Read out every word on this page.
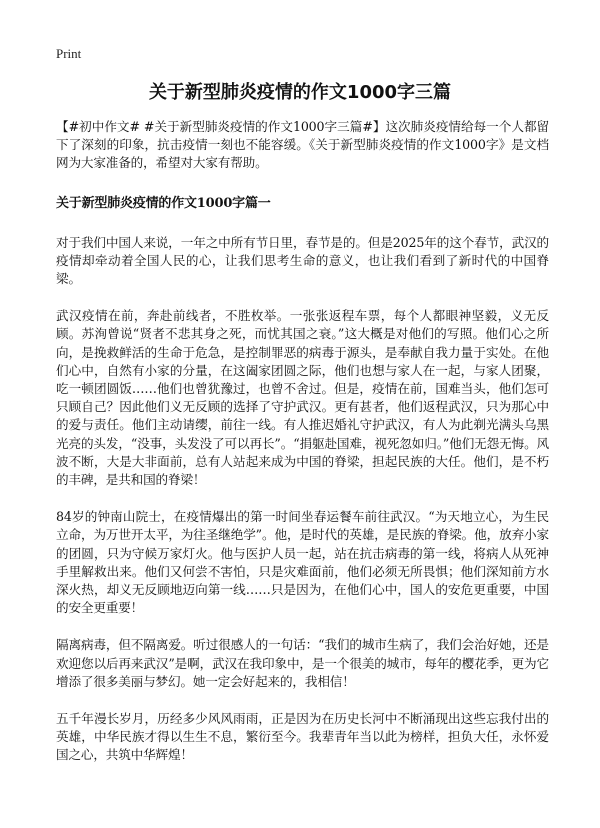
Print
关于新型肺炎疫情的作文1000字三篇

【#初中作文# #关于新型肺炎疫情的作文1000字三篇#】这次肺炎疫情给每一个人都留下了深刻的印象，抗击疫情一刻也不能容缓。《关于新型肺炎疫情的作文1000字》是文档网为大家准备的，希望对大家有帮助。

关于新型肺炎疫情的作文1000字篇一

对于我们中国人来说，一年之中所有节日里，春节是的。但是2025年的这个春节，武汉的疫情却牵动着全国人民的心，让我们思考生命的意义，也让我们看到了新时代的中国脊梁。

武汉疫情在前，奔赴前线者，不胜枚举。一张张返程车票，每个人都眼神坚毅，义无反顾。苏洵曾说“贤者不悲其身之死，而忧其国之衰。”这大概是对他们的写照。他们心之所向，是挽救鲜活的生命于危急，是控制罪恶的病毒于源头，是奉献自我力量于实处。在他们心中，自然有小家的分量，在这阖家团圆之际，他们也想与家人在一起，与家人团聚，吃一顿团圆饭……他们也曾犹豫过，也曾不舍过。但是，疫情在前，国难当头，他们怎可只顾自己？因此他们义无反顾的选择了守护武汉。更有甚者，他们返程武汉，只为那心中的爱与责任。他们主动请缨，前往一线。有人推迟婚礼守护武汉，有人为此剃光满头乌黑光亮的头发，“没事，头发没了可以再长”。“捐躯赴国难，视死忽如归。”他们无怨无悔。风波不断，大是大非面前，总有人站起来成为中国的脊梁，担起民族的大任。他们，是不朽的丰碑，是共和国的脊梁！

84岁的钟南山院士，在疫情爆出的第一时间坐春运餐车前往武汉。“为天地立心，为生民立命，为万世开太平，为往圣继绝学”。他，是时代的英雄，是民族的脊梁。他，放弃小家的团圆，只为守候万家灯火。他与医护人员一起，站在抗击病毒的第一线，将病人从死神手里解救出来。他们又何尝不害怕，只是灾难面前，他们必须无所畏惧；他们深知前方水深火热，却义无反顾地迈向第一线……只是因为，在他们心中，国人的安危更重要，中国的安全更重要！

隔离病毒，但不隔离爱。听过很感人的一句话：“我们的城市生病了，我们会治好她，还是欢迎您以后再来武汉”是啊，武汉在我印象中，是一个很美的城市，每年的樱花季，更为它增添了很多美丽与梦幻。她一定会好起来的，我相信！

五千年漫长岁月，历经多少风风雨雨，正是因为在历史长河中不断涌现出这些忘我付出的英雄，中华民族才得以生生不息，繁衍至今。我辈青年当以此为榜样，担负大任，永怀爱国之心，共筑中华辉煌！
